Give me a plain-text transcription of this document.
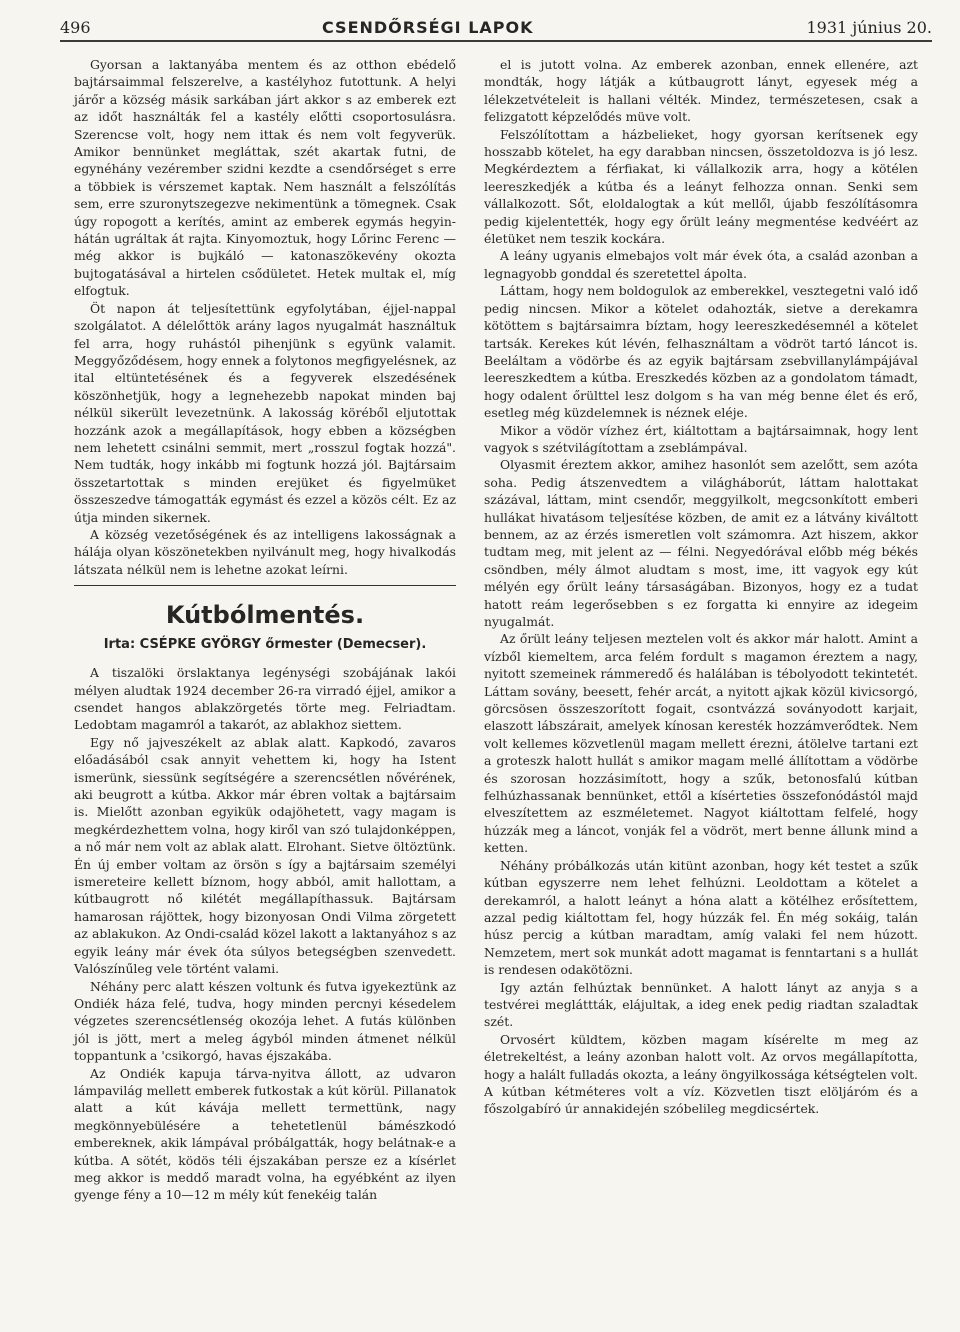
496	CSENDŐRSÉGI LAPOK	1931 június 20.

Gyorsan a laktanyába mentem és az otthon ebédelő bajtársaimmal felszerelve, a kastélyhoz futottunk. A helyi járőr a község másik sarkában járt akkor s az emberek ezt az időt használták fel a kastély előtti csoportosulásra. Szerencse volt, hogy nem ittak és nem volt fegyverük. Amikor bennünket megláttak, szét akartak futni, de egynéhány vezérember szidni kezdte a csendőrséget s erre a többiek is vérszemet kaptak. Nem használt a felszólítás sem, erre szuronytszegezve nekimentünk a tömegnek. Csak úgy ropogott a kerítés, amint az emberek egymás hegyin-hátán ugráltak át rajta. Kinyomoztuk, hogy Lőrinc Ferenc — még akkor is bujkáló — katonaszökevény okozta bujtogatásával a hirtelen csődületet. Hetek multak el, míg elfogtuk.

Öt napon át teljesítettünk egyfolytában, éjjel-nappal szolgálatot. A délelőttök arány lagos nyugalmát használtuk fel arra, hogy ruhástól pihenjünk s együnk valamit. Meggyőződésem, hogy ennek a folytonos megfigyelésnek, az ital eltüntetésének és a fegyverek elszedésének köszönhetjük, hogy a legnehezebb napokat minden baj nélkül sikerült levezetnünk. A lakosság köréből eljutottak hozzánk azok a megállapítások, hogy ebben a községben nem lehetett csinálni semmit, mert „rosszul fogtak hozzá". Nem tudták, hogy inkább mi fogtunk hozzá jól. Bajtársaim összetartottak s minden erejüket és figyelmüket összeszedve támogatták egymást és ezzel a közös célt. Ez az útja minden sikernek.

A község vezetőségének és az intelligens lakosságnak a hálája olyan köszönetekben nyilvánult meg, hogy hivalkodás látszata nélkül nem is lehetne azokat leírni.

Kútbólmentés.
Irta: CSÉPKE GYÖRGY őrmester (Demecser).

A tiszalöki örslaktanya legénységi szobájának lakói mélyen aludtak 1924 december 26-ra virradó éjjel, amikor a csendet hangos ablakzörgetés törte meg. Felriadtam. Ledobtam magamról a takarót, az ablakhoz siettem.

Egy nő jajveszékelt az ablak alatt. Kapkodó, zavaros előadásából csak annyit vehettem ki, hogy ha Istent ismerünk, siessünk segítségére a szerencsétlen nővérének, aki beugrott a kútba. Akkor már ébren voltak a bajtársaim is. Mielőtt azonban egyikük odajöhetett, vagy magam is megkérdezhettem volna, hogy kiről van szó tulajdonképpen, a nő már nem volt az ablak alatt. Elrohant. Sietve öltöztünk. Én új ember voltam az örsön s így a bajtársaim személyi ismereteire kellett bíznom, hogy abból, amit hallottam, a kútbaugrott nő kilétét megállapíthassuk. Bajtársam hamarosan rájöttek, hogy bizonyosan Ondi Vilma zörgetett az ablakukon. Az Ondi-család közel lakott a laktanyához s az egyik leány már évek óta súlyos betegségben szenvedett. Valószínűleg vele történt valami.

Néhány perc alatt készen voltunk és futva igyekeztünk az Ondiék háza felé, tudva, hogy minden percnyi késedelem végzetes szerencsétlenség okozója lehet. A futás különben jól is jött, mert a meleg ágyból minden átmenet nélkül toppantunk a 'csikorgó, havas éjszakába.

Az Ondiék kapuja tárva-nyitva állott, az udvaron lámpavilág mellett emberek futkostak a kút körül. Pillanatok alatt a kút kávája mellett termettünk, nagy megkönnyebülésére a tehetetlenül bámészkodó embereknek, akik lámpával próbálgatták, hogy belátnak-e a kútba. A sötét, ködös téli éjszakában persze ez a kísérlet meg akkor is meddő maradt volna, ha egyébként az ilyen gyenge fény a 10—12 m mély kút fenekéig talán

el is jutott volna. Az emberek azonban, ennek ellenére, azt mondták, hogy látják a kútbaugrott lányt, egyesek még a lélekzetvételeit is hallani vélték. Mindez, természetesen, csak a felizgatott képzelődés müve volt.

Felszólítottam a házbelieket, hogy gyorsan kerítsenek egy hosszabb kötelet, ha egy darabban nincsen, összetoldozva is jó lesz. Megkérdeztem a férfiakat, ki vállalkozik arra, hogy a kötélen leereszkedjék a kútba és a leányt felhozza onnan. Senki sem vállalkozott. Sőt, eloldalogtak a kút mellől, újabb feszólításomra pedig kijelentették, hogy egy őrült leány megmentése kedvéért az életüket nem teszik kockára.

A leány ugyanis elmebajos volt már évek óta, a család azonban a legnagyobb gonddal és szeretettel ápolta.

Láttam, hogy nem boldogulok az emberekkel, vesztegetni való idő pedig nincsen. Mikor a kötelet odahozták, sietve a derekamra kötöttem s bajtársaimra bíztam, hogy leereszkedésemnél a kötelet tartsák. Kerekes kút lévén, felhasználtam a vödröt tartó láncot is. Beeláltam a vödörbe és az egyik bajtársam zsebvillanylámpájával leereszkedtem a kútba. Ereszkedés közben az a gondolatom támadt, hogy odalent őrülttel lesz dolgom s ha van még benne élet és erő, esetleg még küzdelemnek is néznek eléje.

Mikor a vödör vízhez ért, kiáltottam a bajtársaimnak, hogy lent vagyok s szétvilágítottam a zseblámpával.

Olyasmit éreztem akkor, amihez hasonlót sem azelőtt, sem azóta soha. Pedig átszenvedtem a világháborút, láttam halottakat százával, láttam, mint csendőr, meggyilkolt, megcsonkított emberi hullákat hivatásom teljesítése közben, de amit ez a látvány kiváltott bennem, az az érzés ismeretlen volt számomra. Azt hiszem, akkor tudtam meg, mit jelent az — félni. Negyedórával előbb még békés csöndben, mély álmot aludtam s most, ime, itt vagyok egy kút mélyén egy őrült leány társaságában. Bizonyos, hogy ez a tudat hatott reám legerősebben s ez forgatta ki ennyire az idegeim nyugalmát.

Az őrült leány teljesen meztelen volt és akkor már halott. Amint a vízből kiemeltem, arca felém fordult s magamon éreztem a nagy, nyitott szemeinek rámmeredő és halálában is tébolyodott tekintetét. Láttam sovány, beesett, fehér arcát, a nyitott ajkak közül kivicsorgó, görcsösen összeszorított fogait, csontvázzá soványodott karjait, elaszott lábszárait, amelyek kínosan keresték hozzámverődtek. Nem volt kellemes közvetlenül magam mellett érezni, átölelve tartani ezt a groteszk halott hullát s amikor magam mellé állítottam a vödörbe és szorosan hozzásimított, hogy a szűk, betonosfalú kútban felhúzhassanak bennünket, ettől a kísérteties összefonódástól majd elveszítettem az eszméletemet. Nagyot kiáltottam felfelé, hogy húzzák meg a láncot, vonják fel a vödröt, mert benne állunk mind a ketten.

Néhány próbálkozás után kitünt azonban, hogy két testet a szűk kútban egyszerre nem lehet felhúzni. Leoldottam a kötelet a derekamról, a halott leányt a hóna alatt a kötélhez erősítettem, azzal pedig kiáltottam fel, hogy húzzák fel. Én még sokáig, talán húsz percig a kútban maradtam, amíg valaki fel nem húzott. Nemzetem, mert sok munkát adott magamat is fenntartani s a hullát is rendesen odakötözni.

Igy aztán felhúztak bennünket. A halott lányt az anyja s a testvérei megláttták, elájultak, a ideg enek pedig riadtan szaladtak szét.

Orvosért küldtem, közben magam kísérelte m meg az életrekeltést, a leány azonban halott volt. Az orvos megállapította, hogy a halált fulladás okozta, a leány öngyilkossága kétségtelen volt. A kútban kétméteres volt a víz. Közvetlen tiszt elöljáróm és a főszolgabíró úr annakidején szóbelileg megdicsértek.
